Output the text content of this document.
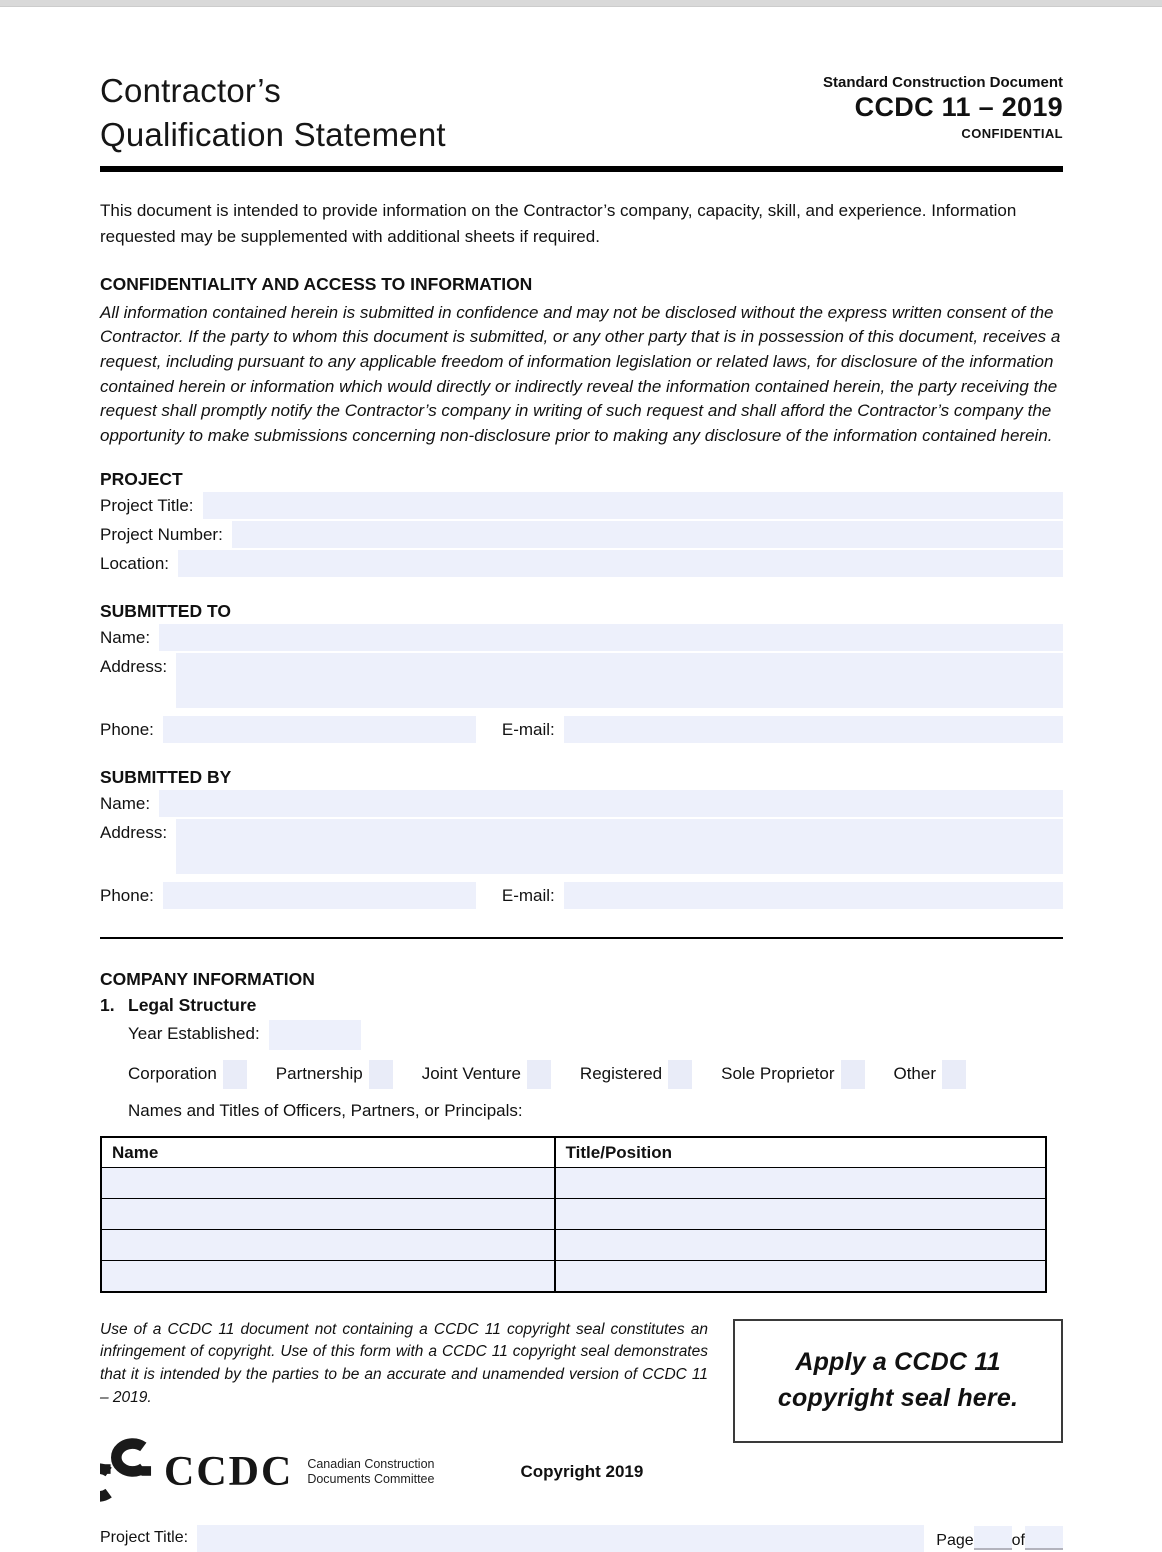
Contractor’s
Qualification Statement
Standard Construction Document
CCDC 11 – 2019
CONFIDENTIAL

This document is intended to provide information on the Contractor’s company, capacity, skill, and experience. Information requested may be supplemented with additional sheets if required.

CONFIDENTIALITY AND ACCESS TO INFORMATION

All information contained herein is submitted in confidence and may not be disclosed without the express written consent of the Contractor. If the party to whom this document is submitted, or any other party that is in possession of this document, receives a request, including pursuant to any applicable freedom of information legislation or related laws, for disclosure of the information contained herein or information which would directly or indirectly reveal the information contained herein, the party receiving the request shall promptly notify the Contractor’s company in writing of such request and shall afford the Contractor’s company the opportunity to make submissions concerning non-disclosure prior to making any disclosure of the information contained herein.

PROJECT
Project Title:
Project Number:
Location:
SUBMITTED TO
Name:
Address:
Phone:	E-mail:
SUBMITTED BY
Name:
Address:
Phone:	E-mail:
COMPANY INFORMATION
1. Legal Structure
Year Established:
Corporation	Partnership	Joint Venture	Registered	Sole Proprietor	Other
Names and Titles of Officers, Partners, or Principals:
Name	Title/Position

Use of a CCDC 11 document not containing a CCDC 11 copyright seal constitutes an infringement of copyright. Use of this form with a CCDC 11 copyright seal demonstrates that it is intended by the parties to be an accurate and unamended version of CCDC 11 – 2019.

CCDC Canadian Construction
Documents Committee	Copyright 2019
Apply a CCDC 11
copyright seal here.
Project Title:	Page of
